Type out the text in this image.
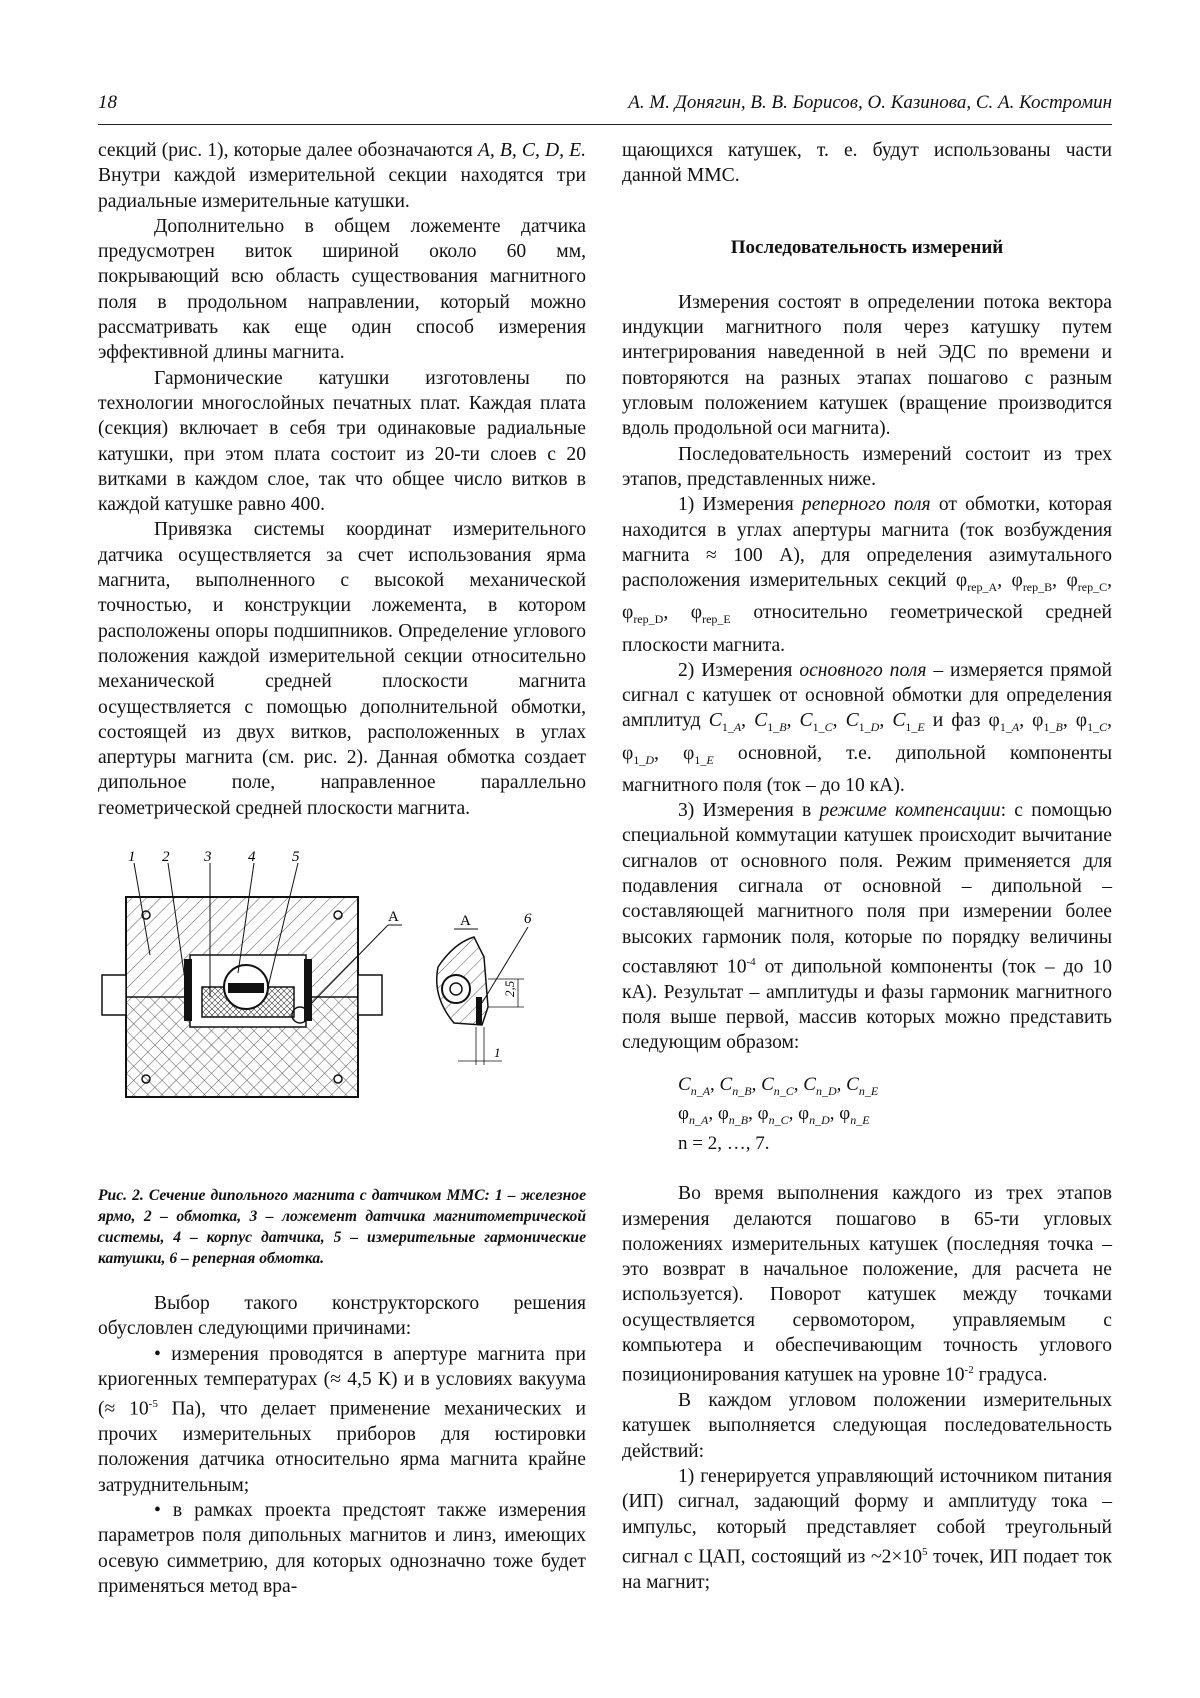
18	А. М. Донягин, В. В. Борисов, О. Казинова, С. А. Костромин

секций (рис. 1), которые далее обозначаются A, B, C, D, E. Внутри каждой измерительной секции находятся три радиальные измерительные катушки.

Дополнительно в общем ложементе датчика предусмотрен виток шириной около 60 мм, покрывающий всю область существования магнитного поля в продольном направлении, который можно рассматривать как еще один способ измерения эффективной длины магнита.

Гармонические катушки изготовлены по технологии многослойных печатных плат. Каждая плата (секция) включает в себя три одинаковые радиальные катушки, при этом плата состоит из 20-ти слоев с 20 витками в каждом слое, так что общее число витков в каждой катушке равно 400.

Привязка системы координат измерительного датчика осуществляется за счет использования ярма магнита, выполненного с высокой механической точностью, и конструкции ложемента, в котором расположены опоры подшипников. Определение углового положения каждой измерительной секции относительно механической средней плоскости магнита осуществляется с помощью дополнительной обмотки, состоящей из двух витков, расположенных в углах апертуры магнита (см. рис. 2). Данная обмотка создает дипольное поле, направленное параллельно геометрической средней плоскости магнита.

А
1 2 3 4 5
А	6
2,5
1

Рис. 2. Сечение дипольного магнита с датчиком ММС: 1 – железное ярмо, 2 – обмотка, 3 – ложемент датчика магнитометрической системы, 4 – корпус датчика, 5 – измерительные гармонические катушки, 6 – реперная обмотка.

Выбор такого конструкторского решения обусловлен следующими причинами:

• измерения проводятся в апертуре магнита при криогенных температурах (≈ 4,5 К) и в условиях вакуума (≈ $10^{-5}$ Па), что делает применение механических и прочих измерительных приборов для юстировки положения датчика относительно ярма магнита крайне затруднительным;

• в рамках проекта предстоят также измерения параметров поля дипольных магнитов и линз, имеющих осевую симметрию, для которых однозначно тоже будет применяться метод вра-

щающихся катушек, т. е. будут использованы части данной ММС.

Последовательность измерений

Измерения состоят в определении потока вектора индукции магнитного поля через катушку путем интегрирования наведенной в ней ЭДС по времени и повторяются на разных этапах пошагово с разным угловым положением катушек (вращение производится вдоль продольной оси магнита).

Последовательность измерений состоит из трех этапов, представленных ниже.

1) Измерения реперного поля от обмотки, которая находится в углах апертуры магнита (ток возбуждения магнита ≈ 100 А), для определения азимутального расположения измерительных секций $\varphi_{rep\_A}$, $\varphi_{rep\_B}$, $\varphi_{rep\_C}$, $\varphi_{rep\_D}$, $\varphi_{rep\_E}$ относительно геометрической средней плоскости магнита.

2) Измерения основного поля – измеряется прямой сигнал с катушек от основной обмотки для определения амплитуд $C_{1\_A}$, $C_{1\_B}$, $C_{1\_C}$, $C_{1\_D}$, $C_{1\_E}$ и фаз $\varphi_{1\_A}$, $\varphi_{1\_B}$, $\varphi_{1\_C}$, $\varphi_{1\_D}$, $\varphi_{1\_E}$ основной, т.е. дипольной компоненты магнитного поля (ток – до 10 кА).

3) Измерения в режиме компенсации: с помощью специальной коммутации катушек происходит вычитание сигналов от основного поля. Режим применяется для подавления сигнала от основной – дипольной – составляющей магнитного поля при измерении более высоких гармоник поля, которые по порядку величины составляют $10^{-4}$ от дипольной компоненты (ток – до 10 кА). Результат – амплитуды и фазы гармоник магнитного поля выше первой, массив которых можно представить следующим образом:

$C_{n\_A}$, $C_{n\_B}$, $C_{n\_C}$, $C_{n\_D}$, $C_{n\_E}$
$\varphi_{n\_A}$, $\varphi_{n\_B}$, $\varphi_{n\_C}$, $\varphi_{n\_D}$, $\varphi_{n\_E}$
n = 2, …, 7.

Во время выполнения каждого из трех этапов измерения делаются пошагово в 65-ти угловых положениях измерительных катушек (последняя точка – это возврат в начальное положение, для расчета не используется). Поворот катушек между точками осуществляется сервомотором, управляемым с компьютера и обеспечивающим точность углового позиционирования катушек на уровне $10^{-2}$ градуса.

В каждом угловом положении измерительных катушек выполняется следующая последовательность действий:

1) генерируется управляющий источником питания (ИП) сигнал, задающий форму и амплитуду тока – импульс, который представляет собой треугольный сигнал с ЦАП, состоящий из $\sim 2\times 10^5$ точек, ИП подает ток на магнит;
